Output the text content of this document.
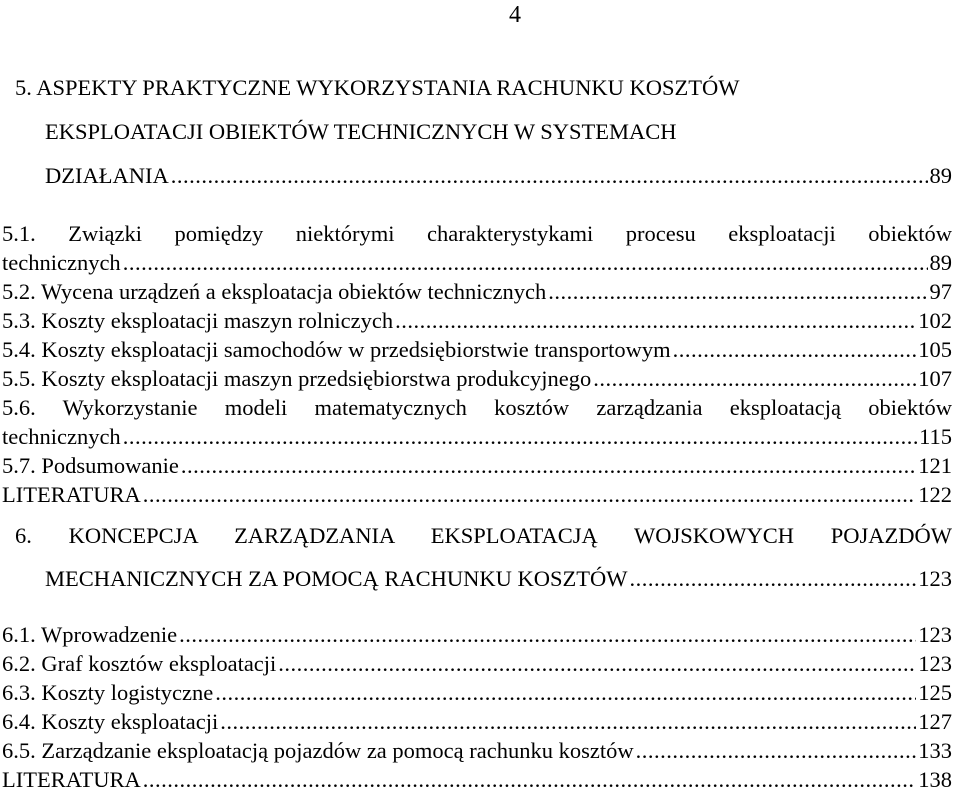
4
5. ASPEKTY PRAKTYCZNE WYKORZYSTANIA RACHUNKU KOSZTÓW
EKSPLOATACJI OBIEKTÓW TECHNICZNYCH W SYSTEMACH
DZIAŁANIA .....	89
5.1. Związki pomiędzy niektórymi charakterystykami procesu eksploatacji obiektów
technicznych .....	89
5.2. Wycena urządzeń a eksploatacja obiektów technicznych .....	97
5.3. Koszty eksploatacji maszyn rolniczych .....	102
5.4. Koszty eksploatacji samochodów w przedsiębiorstwie transportowym .....	105
5.5. Koszty eksploatacji maszyn przedsiębiorstwa produkcyjnego .....	107
5.6. Wykorzystanie modeli matematycznych kosztów zarządzania eksploatacją obiektów
technicznych .....	115
5.7. Podsumowanie .....	121
LITERATURA .....	122
6. KONCEPCJA ZARZĄDZANIA EKSPLOATACJĄ WOJSKOWYCH POJAZDÓW
MECHANICZNYCH ZA POMOCĄ RACHUNKU KOSZTÓW .....	123
6.1. Wprowadzenie .....	123
6.2. Graf kosztów eksploatacji .....	123
6.3. Koszty logistyczne .....	125
6.4. Koszty eksploatacji .....	127
6.5. Zarządzanie eksploatacją pojazdów za pomocą rachunku kosztów .....	133
LITERATURA .....	138
